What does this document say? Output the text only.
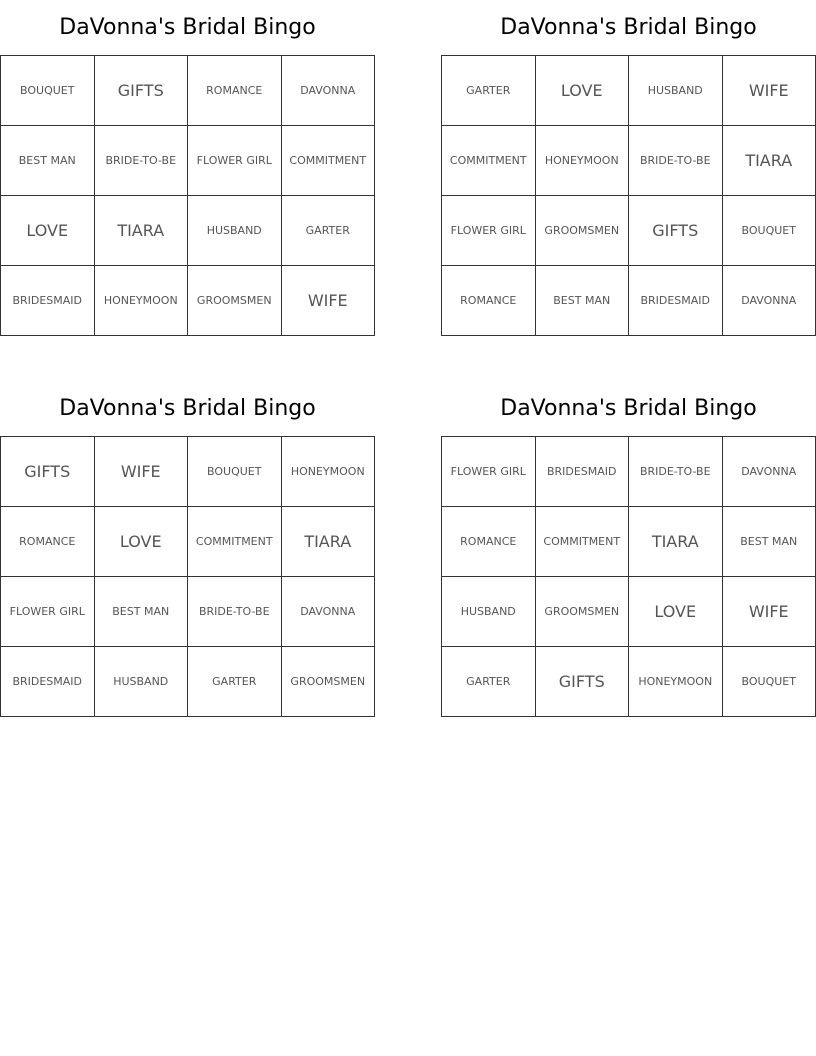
DaVonna's Bridal Bingo
BOUQUET	GIFTS	ROMANCE	DAVONNA
BEST MAN	BRIDE-TO-BE	FLOWER GIRL	COMMITMENT
LOVE	TIARA	HUSBAND	GARTER
BRIDESMAID	HONEYMOON	GROOMSMEN	WIFE
DaVonna's Bridal Bingo
GARTER	LOVE	HUSBAND	WIFE
COMMITMENT	HONEYMOON	BRIDE-TO-BE	TIARA
FLOWER GIRL	GROOMSMEN	GIFTS	BOUQUET
ROMANCE	BEST MAN	BRIDESMAID	DAVONNA
DaVonna's Bridal Bingo
GIFTS	WIFE	BOUQUET	HONEYMOON
ROMANCE	LOVE	COMMITMENT	TIARA
FLOWER GIRL	BEST MAN	BRIDE-TO-BE	DAVONNA
BRIDESMAID	HUSBAND	GARTER	GROOMSMEN
DaVonna's Bridal Bingo
FLOWER GIRL	BRIDESMAID	BRIDE-TO-BE	DAVONNA
ROMANCE	COMMITMENT	TIARA	BEST MAN
HUSBAND	GROOMSMEN	LOVE	WIFE
GARTER	GIFTS	HONEYMOON	BOUQUET
